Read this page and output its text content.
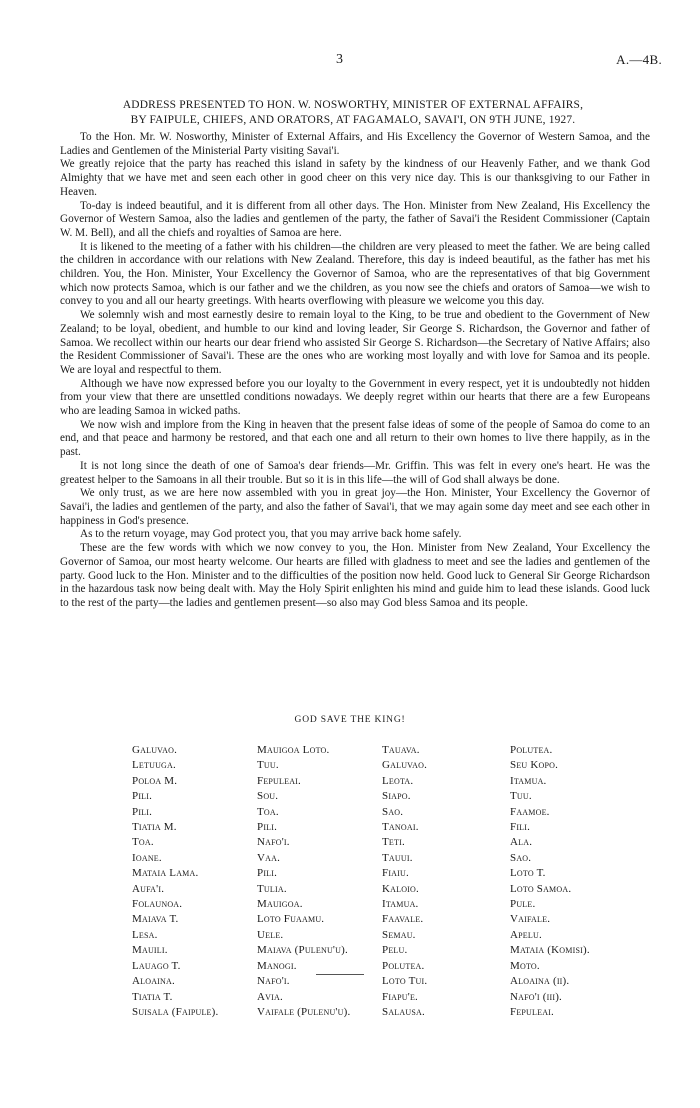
3	A.—4B.
ADDRESS PRESENTED TO HON. W. NOSWORTHY, MINISTER OF EXTERNAL AFFAIRS,
BY FAIPULE, CHIEFS, AND ORATORS, AT FAGAMALO, SAVAI'I, ON 9TH JUNE, 1927.

To the Hon. Mr. W. Nosworthy, Minister of External Affairs, and His Excellency the Governor of Western Samoa, and the Ladies and Gentlemen of the Ministerial Party visiting Savai'i.

We greatly rejoice that the party has reached this island in safety by the kindness of our Heavenly Father, and we thank God Almighty that we have met and seen each other in good cheer on this very nice day. This is our thanksgiving to our Father in Heaven.

To-day is indeed beautiful, and it is different from all other days. The Hon. Minister from New Zealand, His Excellency the Governor of Western Samoa, also the ladies and gentlemen of the party, the father of Savai'i the Resident Commissioner (Captain W. M. Bell), and all the chiefs and royalties of Samoa are here.

It is likened to the meeting of a father with his children—the children are very pleased to meet the father. We are being called the children in accordance with our relations with New Zealand. Therefore, this day is indeed beautiful, as the father has met his children. You, the Hon. Minister, Your Excellency the Governor of Samoa, who are the representatives of that big Government which now protects Samoa, which is our father and we the children, as you now see the chiefs and orators of Samoa—we wish to convey to you and all our hearty greetings. With hearts overflowing with pleasure we welcome you this day.

We solemnly wish and most earnestly desire to remain loyal to the King, to be true and obedient to the Government of New Zealand; to be loyal, obedient, and humble to our kind and loving leader, Sir George S. Richardson, the Governor and father of Samoa. We recollect within our hearts our dear friend who assisted Sir George S. Richardson—the Secretary of Native Affairs; also the Resident Commissioner of Savai'i. These are the ones who are working most loyally and with love for Samoa and its people. We are loyal and respectful to them.

Although we have now expressed before you our loyalty to the Government in every respect, yet it is undoubtedly not hidden from your view that there are unsettled conditions nowadays. We deeply regret within our hearts that there are a few Europeans who are leading Samoa in wicked paths.

We now wish and implore from the King in heaven that the present false ideas of some of the people of Samoa do come to an end, and that peace and harmony be restored, and that each one and all return to their own homes to live there happily, as in the past.

It is not long since the death of one of Samoa's dear friends—Mr. Griffin. This was felt in every one's heart. He was the greatest helper to the Samoans in all their trouble. But so it is in this life—the will of God shall always be done.

We only trust, as we are here now assembled with you in great joy—the Hon. Minister, Your Excellency the Governor of Savai'i, the ladies and gentlemen of the party, and also the father of Savai'i, that we may again some day meet and see each other in happiness in God's presence.

As to the return voyage, may God protect you, that you may arrive back home safely.

These are the few words with which we now convey to you, the Hon. Minister from New Zealand, Your Excellency the Governor of Samoa, our most hearty welcome. Our hearts are filled with gladness to meet and see the ladies and gentlemen of the party. Good luck to the Hon. Minister and to the difficulties of the position now held. Good luck to General Sir George Richardson in the hazardous task now being dealt with. May the Holy Spirit enlighten his mind and guide him to lead these islands. Good luck to the rest of the party—the ladies and gentlemen present—so also may God bless Samoa and its people.

GOD SAVE THE KING!
Galuvao.
Letuuga.
Poloa M.
Pili.
Pili.
Tiatia M.
Toa.
Ioane.
Mataia Lama.
Aufa'i.
Folaunoa.
Maiava T.
Lesa.
Mauili.
Lauago T.
Aloaina.
Tiatia T.
Suisala (Faipule).
Mauigoa Loto.
Tuu.
Fepuleai.
Sou.
Toa.
Pili.
Nafo'i.
Vaa.
Pili.
Tulia.
Mauigoa.
Loto Fuaamu.
Uele.
Maiava (Pulenu'u).
Manogi.
Nafo'i.
Avia.
Vaifale (Pulenu'u).
Tauava.
Galuvao.
Leota.
Siapo.
Sao.
Tanoai.
Teti.
Tauui.
Fiaiu.
Kaloio.
Itamua.
Faavale.
Semau.
Pelu.
Polutea.
Loto Tui.
Fiapu'e.
Salausa.
Polutea.
Seu Kopo.
Itamua.
Tuu.
Faamoe.
Fili.
Ala.
Sao.
Loto T.
Loto Samoa.
Pule.
Vaifale.
Apelu.
Mataia (Komisi).
Moto.
Aloaina (ii).
Nafo'i (iii).
Fepuleai.
